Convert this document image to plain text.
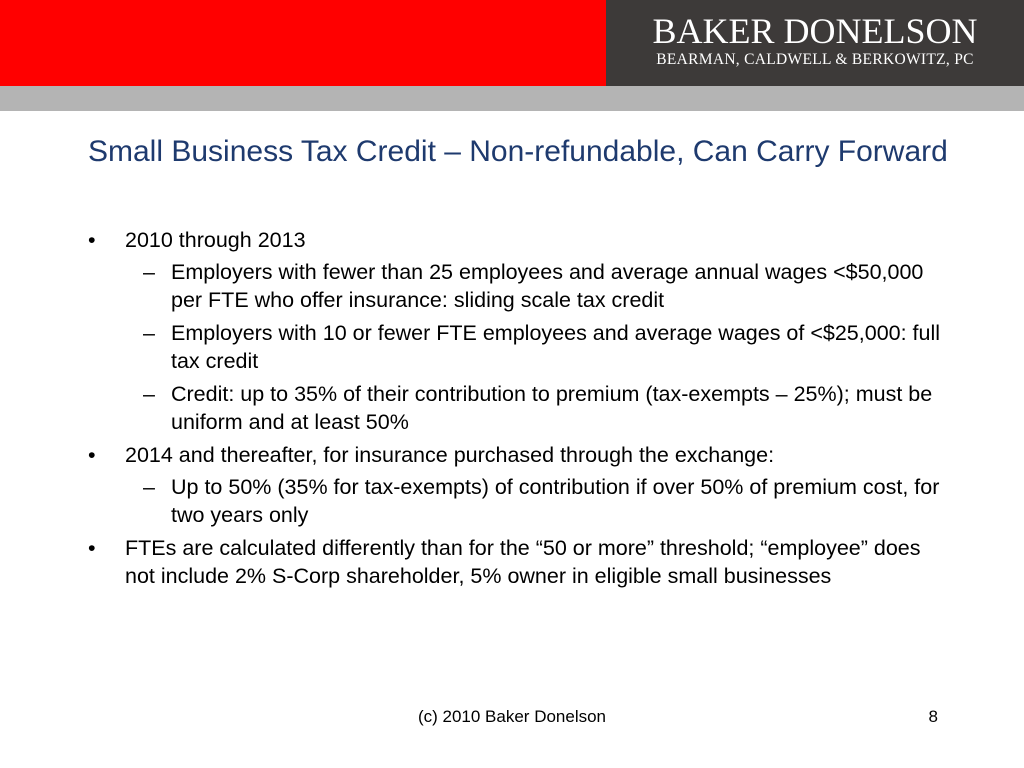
BAKER DONELSON
BEARMAN, CALDWELL & BERKOWITZ, PC
Small Business Tax Credit – Non-refundable, Can Carry Forward
•	2010 through 2013
– Employers with fewer than 25 employees and average annual wages <$50,000 per FTE who offer insurance: sliding scale tax credit
– Employers with 10 or fewer FTE employees and average wages of <$25,000: full tax credit
– Credit: up to 35% of their contribution to premium (tax-exempts – 25%); must be uniform and at least 50%
•	2014 and thereafter, for insurance purchased through the exchange:
– Up to 50% (35% for tax-exempts) of contribution if over 50% of premium cost, for two years only
•	FTEs are calculated differently than for the “50 or more” threshold; “employee” does not include 2% S-Corp shareholder, 5% owner in eligible small businesses
(c) 2010 Baker Donelson	8
